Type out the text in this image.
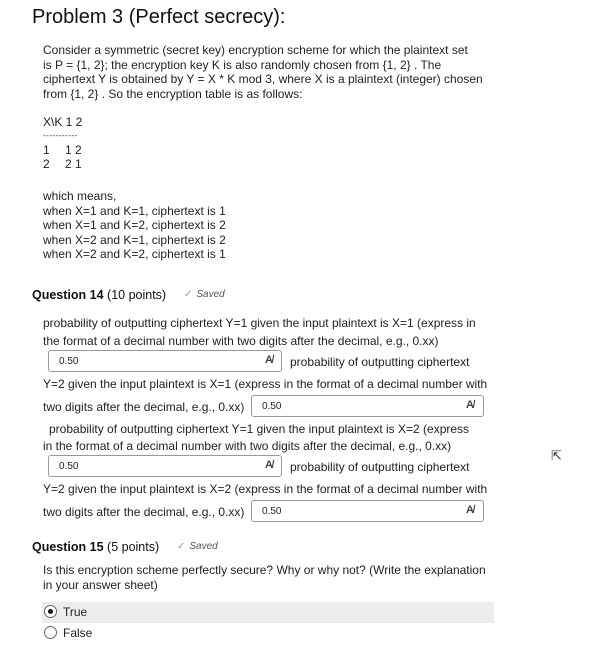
Problem 3 (Perfect secrecy):
Consider a symmetric (secret key) encryption scheme for which the plaintext set
is P = {1, 2}; the encryption key K is also randomly chosen from {1, 2} . The
ciphertext Y is obtained by Y = X * K mod 3, where X is a plaintext (integer) chosen
from {1, 2} . So the encryption table is as follows:
X\K 1 2
-----------
1 1 2
2 2 1
which means,
when X=1 and K=1, ciphertext is 1
when X=1 and K=2, ciphertext is 2
when X=2 and K=1, ciphertext is 2
when X=2 and K=2, ciphertext is 1
Question 14 (10 points) ✓ Saved
probability of outputting ciphertext Y=1 given the input plaintext is X=1 (express in
the format of a decimal number with two digits after the decimal, e.g., 0.xx)
0.50	A̸ probability of outputting ciphertext
Y=2 given the input plaintext is X=1 (express in the format of a decimal number with
two digits after the decimal, e.g., 0.xx)	0.50	A̸
probability of outputting ciphertext Y=1 given the input plaintext is X=2 (express
in the format of a decimal number with two digits after the decimal, e.g., 0.xx)
0.50	A̸ probability of outputting ciphertext
Y=2 given the input plaintext is X=2 (express in the format of a decimal number with
two digits after the decimal, e.g., 0.xx)	0.50	A̸
Question 15 (5 points) ✓ Saved
Is this encryption scheme perfectly secure? Why or why not? (Write the explanation
in your answer sheet)
True
False
⇱
